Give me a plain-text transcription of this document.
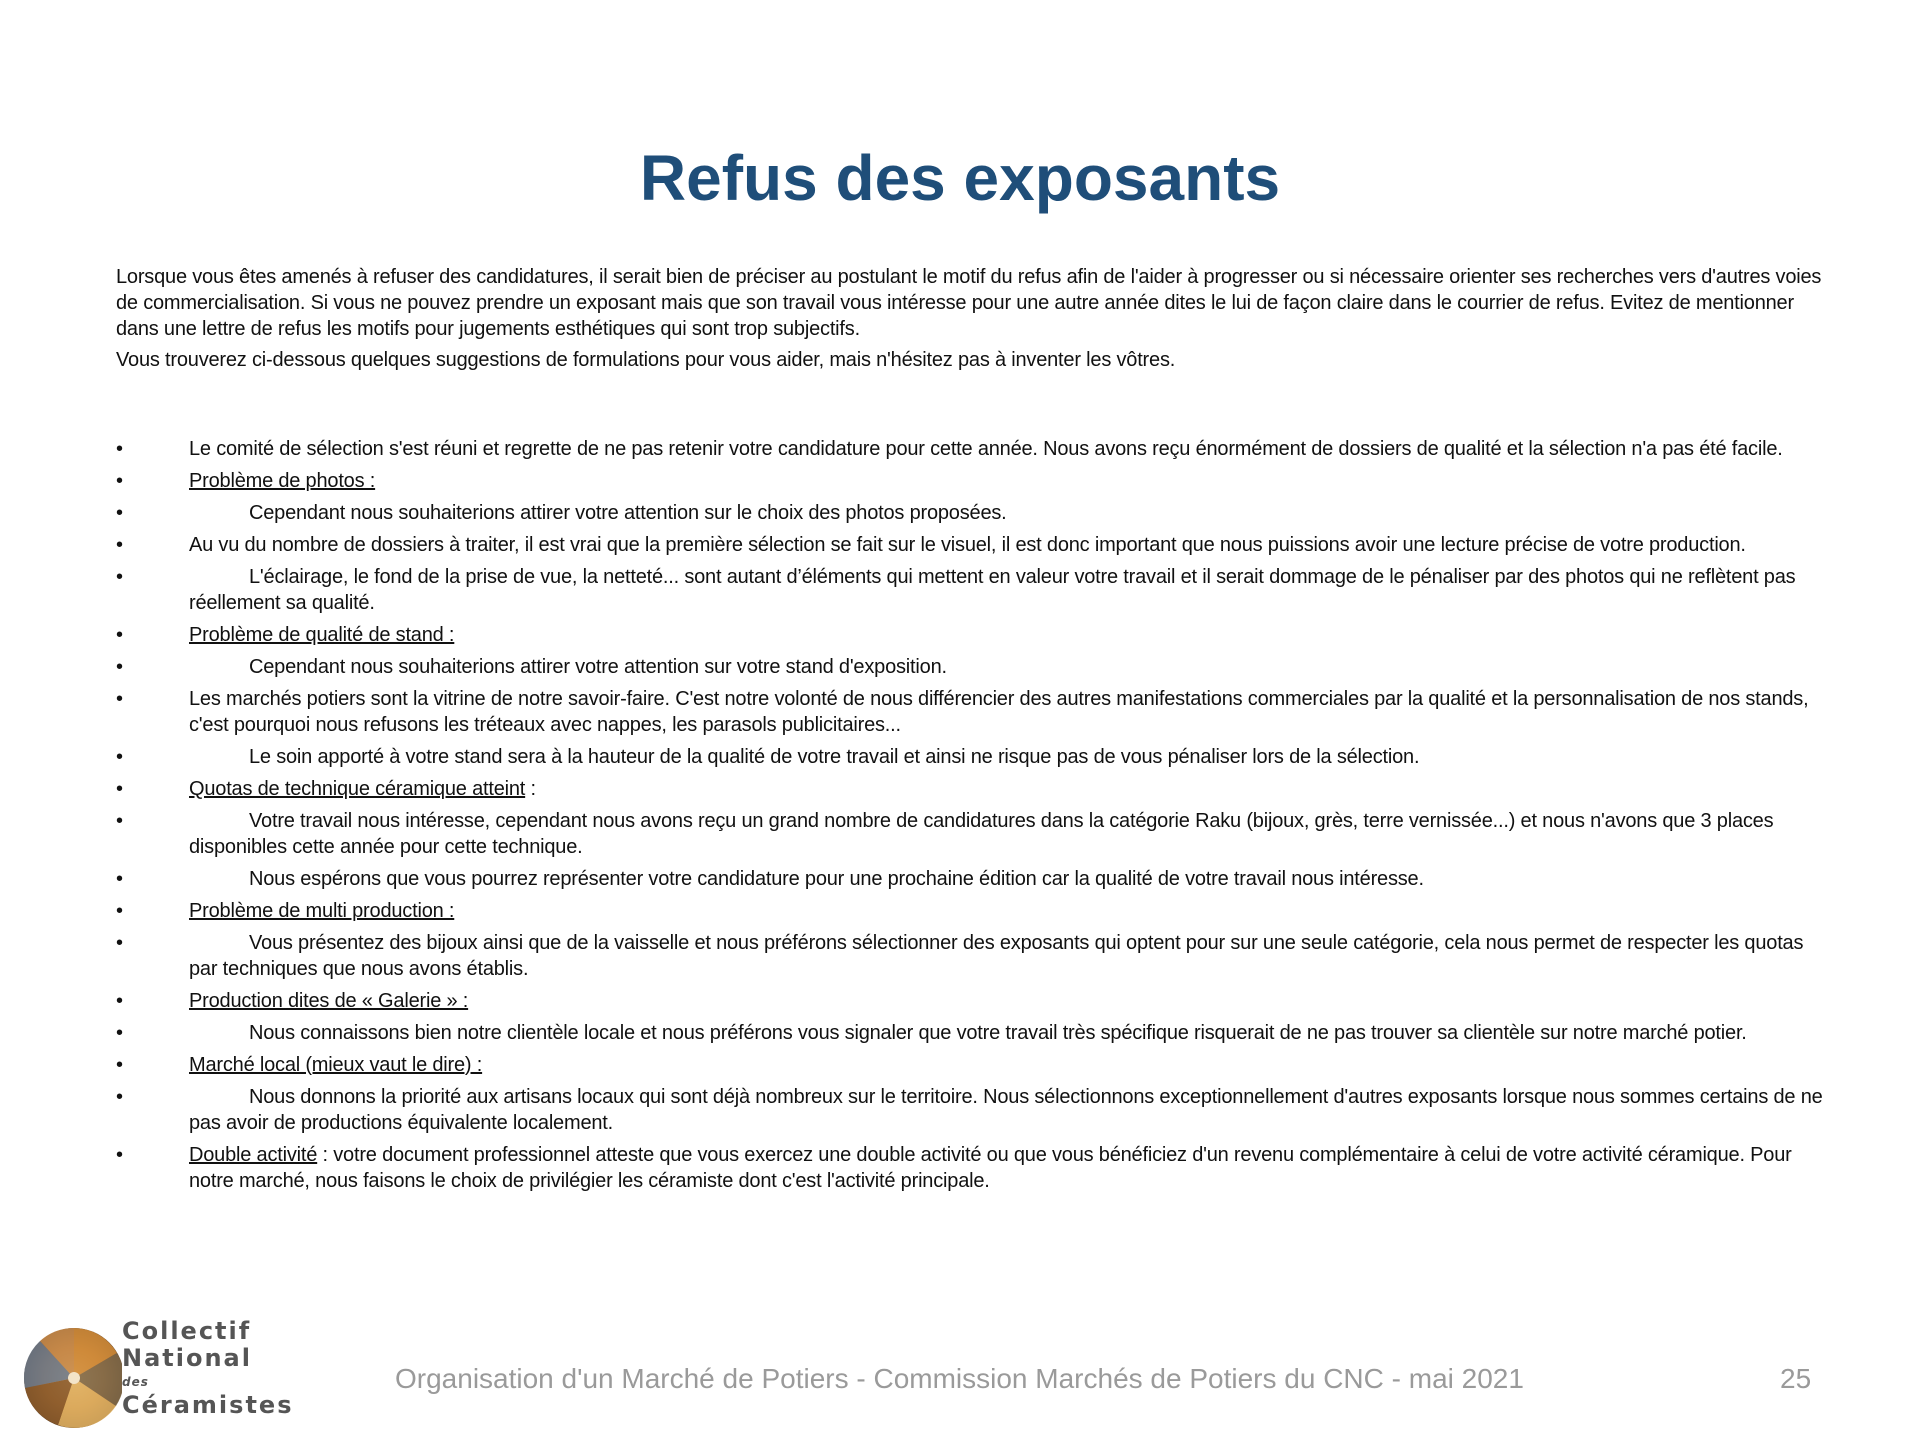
Refus des exposants

Lorsque vous êtes amenés à refuser des candidatures, il serait bien de préciser au postulant le motif du refus afin de l'aider à progresser ou si nécessaire orienter ses recherches vers d'autres voies de commercialisation. Si vous ne pouvez prendre un exposant mais que son travail vous intéresse pour une autre année dites le lui de façon claire dans le courrier de refus. Evitez de mentionner dans une lettre de refus les motifs pour jugements esthétiques qui sont trop subjectifs.

Vous trouverez ci-dessous quelques suggestions de formulations pour vous aider, mais n'hésitez pas à inventer les vôtres.

•	Le comité de sélection s'est réuni et regrette de ne pas retenir votre candidature pour cette année. Nous avons reçu énormément de dossiers de qualité et la sélection n'a pas été facile.
•	Problème de photos :
•	Cependant nous souhaiterions attirer votre attention sur le choix des photos proposées.
•	Au vu du nombre de dossiers à traiter, il est vrai que la première sélection se fait sur le visuel, il est donc important que nous puissions avoir une lecture précise de votre production.
•	L'éclairage, le fond de la prise de vue, la netteté... sont autant d’éléments qui mettent en valeur votre travail et il serait dommage de le pénaliser par des photos qui ne reflètent pas réellement sa qualité.
•	Problème de qualité de stand :
•	Cependant nous souhaiterions attirer votre attention sur votre stand d'exposition.
•	Les marchés potiers sont la vitrine de notre savoir-faire. C'est notre volonté de nous différencier des autres manifestations commerciales par la qualité et la personnalisation de nos stands, c'est pourquoi nous refusons les tréteaux avec nappes, les parasols publicitaires...
•	Le soin apporté à votre stand sera à la hauteur de la qualité de votre travail et ainsi ne risque pas de vous pénaliser lors de la sélection.
•	Quotas de technique céramique atteint :
•	Votre travail nous intéresse, cependant nous avons reçu un grand nombre de candidatures dans la catégorie Raku (bijoux, grès, terre vernissée...) et nous n'avons que 3 places disponibles cette année pour cette technique.
•	Nous espérons que vous pourrez représenter votre candidature pour une prochaine édition car la qualité de votre travail nous intéresse.
•	Problème de multi production :
•	Vous présentez des bijoux ainsi que de la vaisselle et nous préférons sélectionner des exposants qui optent pour sur une seule catégorie, cela nous permet de respecter les quotas par techniques que nous avons établis.
•	Production dites de « Galerie » :
•	Nous connaissons bien notre clientèle locale et nous préférons vous signaler que votre travail très spécifique risquerait de ne pas trouver sa clientèle sur notre marché potier.
•	Marché local (mieux vaut le dire) :
•	Nous donnons la priorité aux artisans locaux qui sont déjà nombreux sur le territoire. Nous sélectionnons exceptionnellement d'autres exposants lorsque nous sommes certains de ne pas avoir de productions équivalente localement.
•	Double activité : votre document professionnel atteste que vous exercez une double activité ou que vous bénéficiez d'un revenu complémentaire à celui de votre activité céramique. Pour notre marché, nous faisons le choix de privilégier les céramiste dont c'est l'activité principale.
Collectif
National
des
Céramistes
Organisation d'un Marché de Potiers - Commission Marchés de Potiers du CNC - mai 2021	25
